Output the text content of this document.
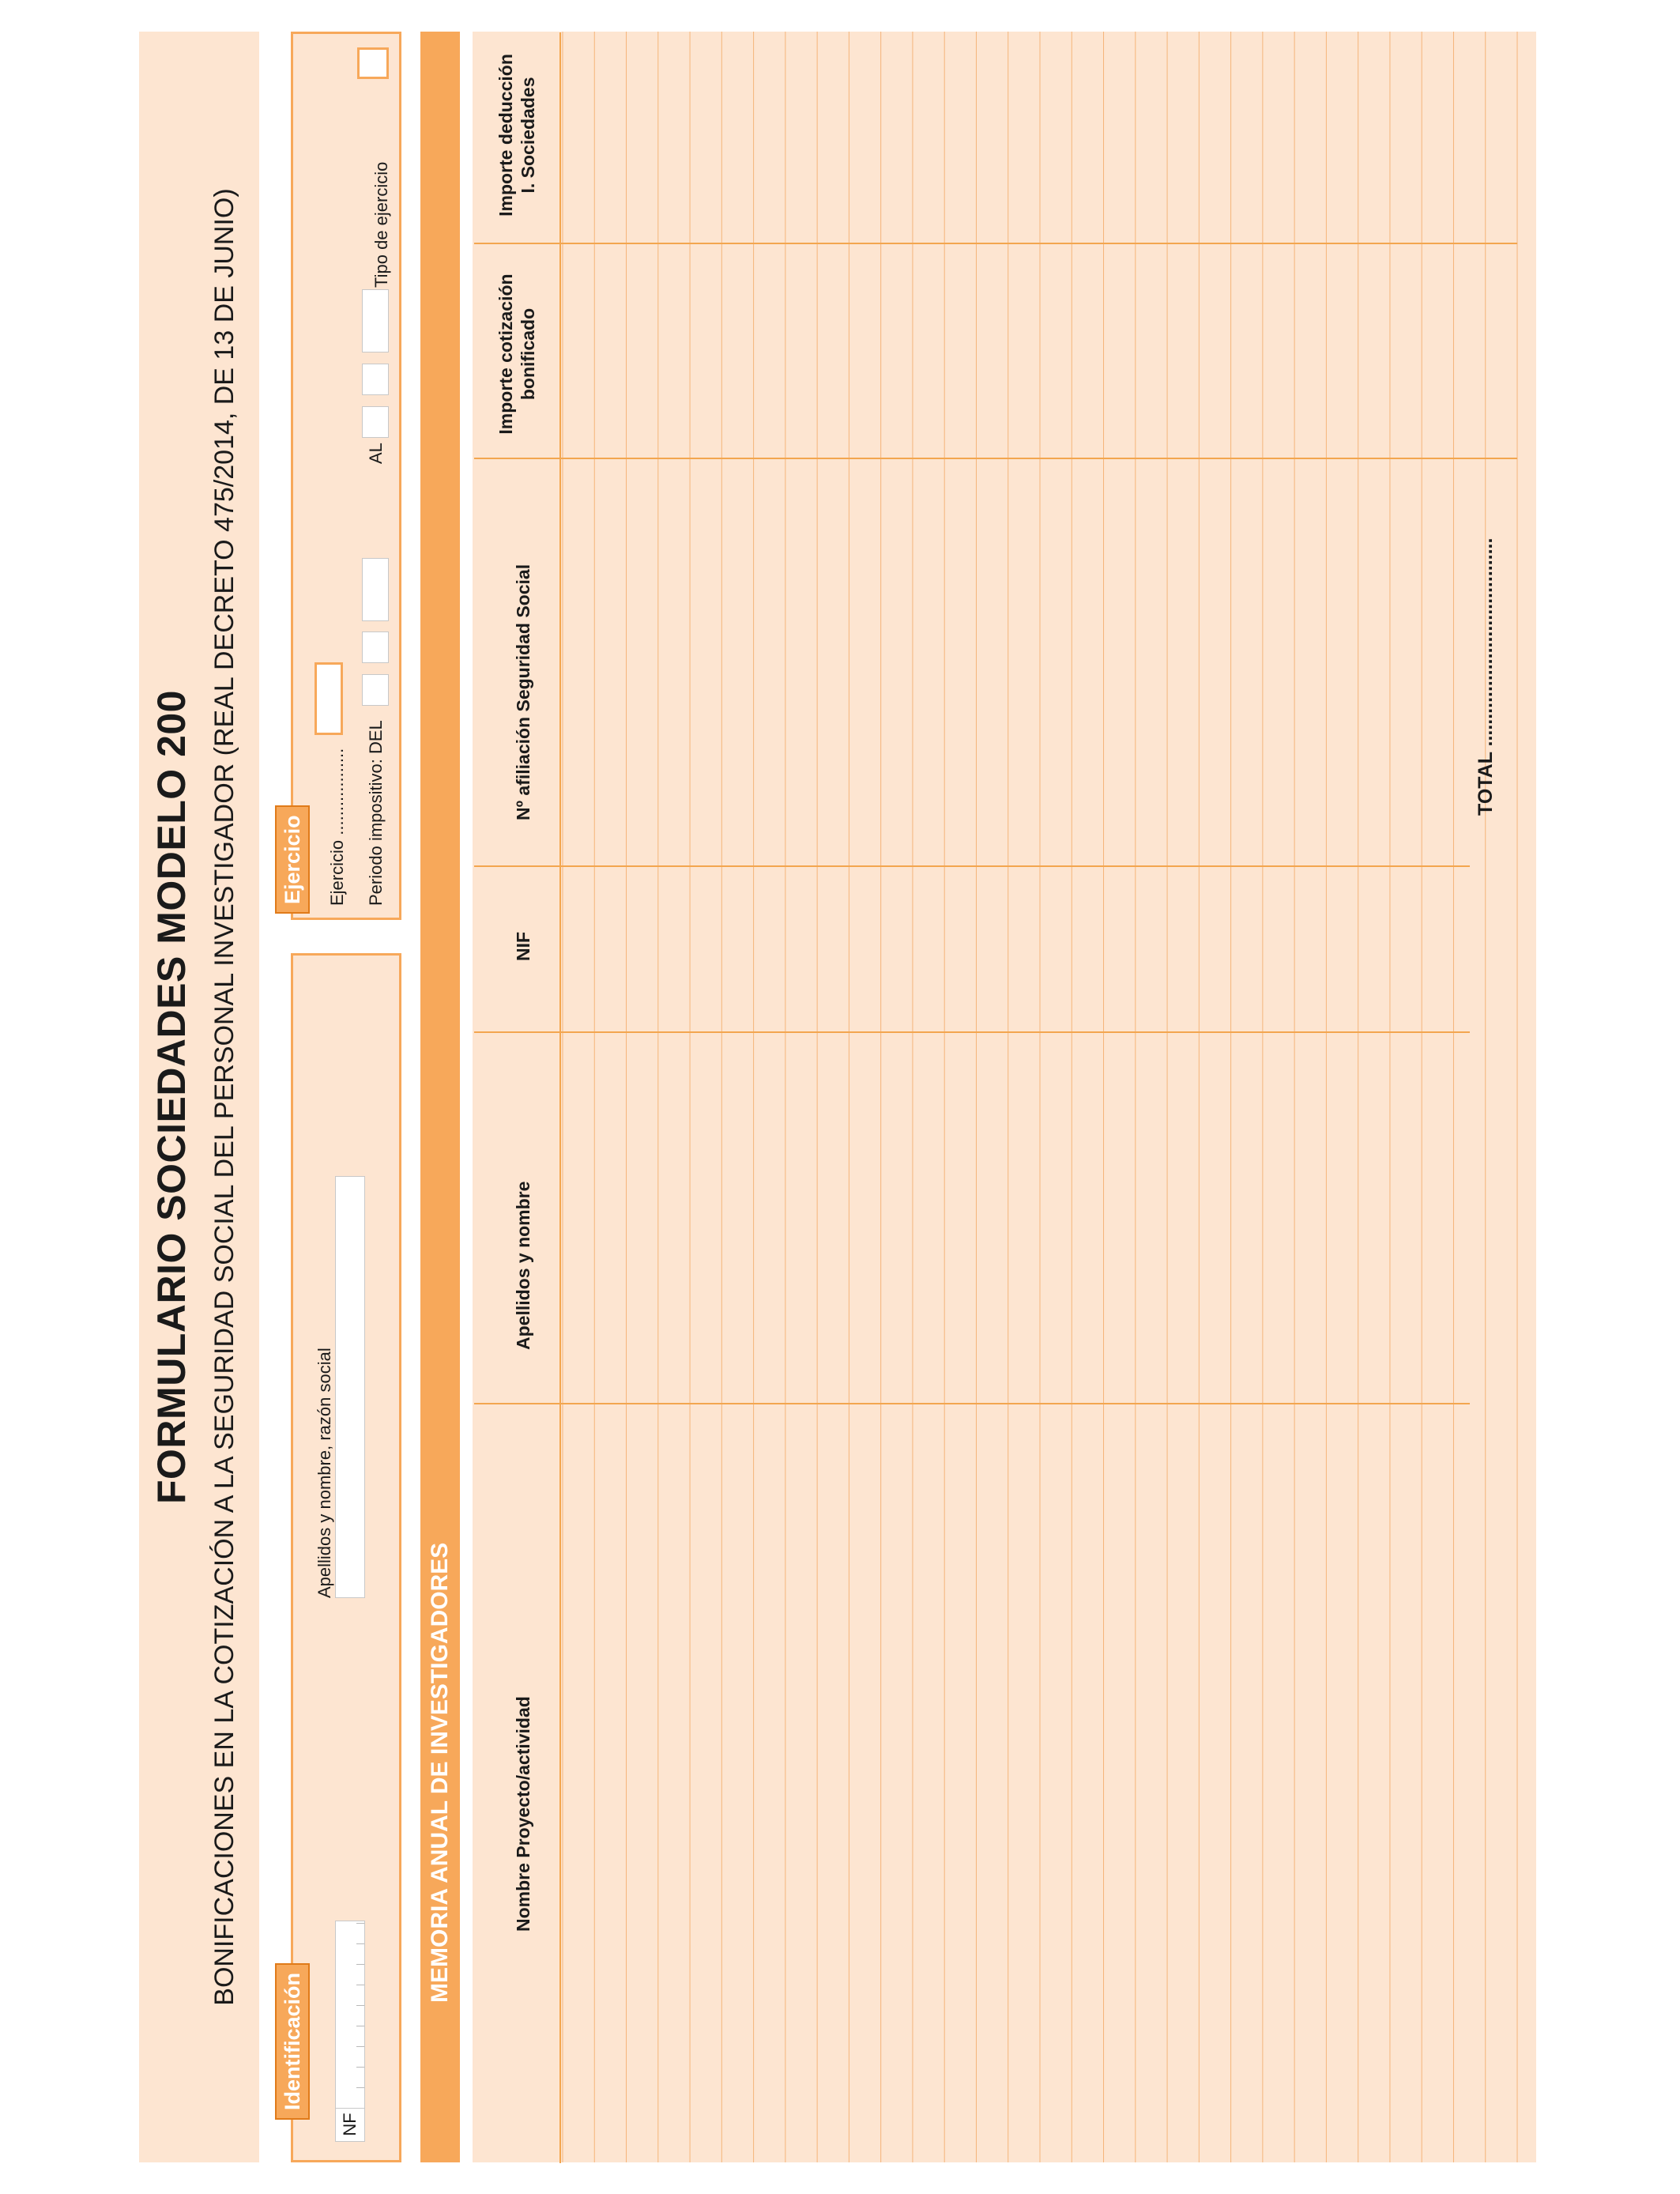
FORMULARIO SOCIEDADES MODELO 200 BONIFICACIONES EN LA COTIZACIÓN A LA SEGURIDAD SOCIAL DEL PERSONAL INVESTIGADOR (REAL DECRETO 475/2014, DE 13 DE JUNIO)
Identificación
NF
Apellidos y nombre, razón social
Ejercicio	Ejercicio .................. Periodo impositivo: DEL
AL
Tipo de ejercicio
MEMORIA ANUAL DE INVESTIGADORES	Nombre Proyecto/actividad
Apellidos y nombre
NIF
Nº afiliación Seguridad Social
Importe cotización
bonificado
Importe deducción
I. Sociedades
TOTAL ......................................
